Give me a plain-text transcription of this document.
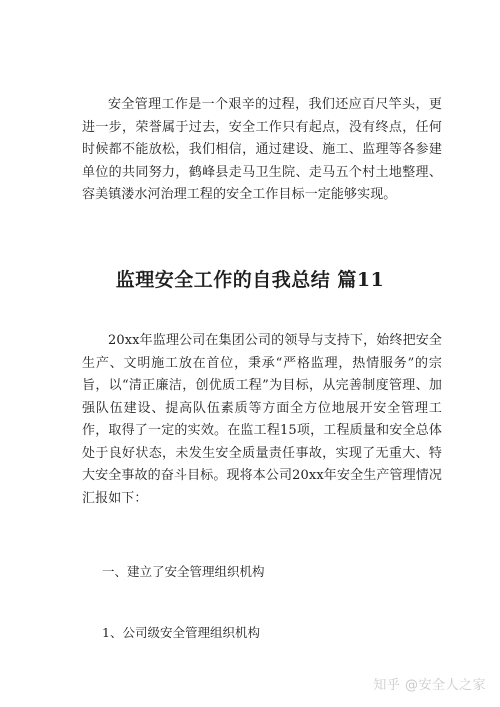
安全管理工作是一个艰辛的过程，我们还应百尺竿头，更进一步，荣誉属于过去，安全工作只有起点，没有终点，任何时候都不能放松，我们相信，通过建设、施工、监理等各参建单位的共同努力，鹤峰县走马卫生院、走马五个村土地整理、容美镇溇水河治理工程的安全工作目标一定能够实现。

监理安全工作的自我总结 篇11

20xx年监理公司在集团公司的领导与支持下，始终把安全生产、文明施工放在首位，秉承“严格监理，热情服务”的宗旨，以“清正廉洁，创优质工程”为目标，从完善制度管理、加强队伍建设、提高队伍素质等方面全方位地展开安全管理工作，取得了一定的实效。在监工程15项，工程质量和安全总体处于良好状态，未发生安全质量责任事故，实现了无重大、特大安全事故的奋斗目标。现将本公司20xx年安全生产管理情况汇报如下：

一、建立了安全管理组织机构

1、公司级安全管理组织机构

知乎 @安全人之家
